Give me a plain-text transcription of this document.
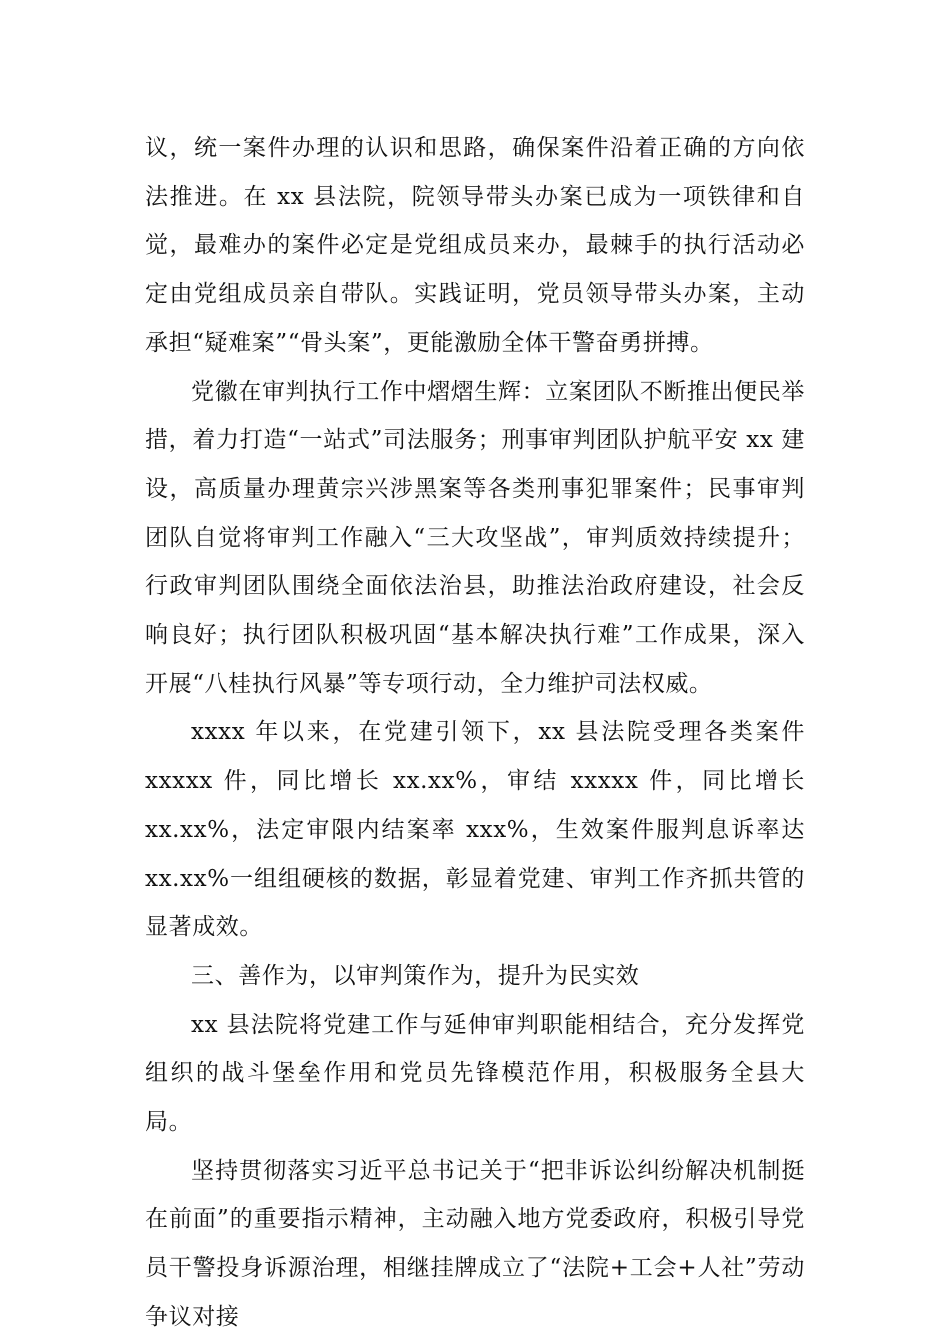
议，统一案件办理的认识和思路，确保案件沿着正确的方向依法推进。在 xx 县法院，院领导带头办案已成为一项铁律和自觉，最难办的案件必定是党组成员来办，最棘手的执行活动必定由党组成员亲自带队。实践证明，党员领导带头办案，主动承担“疑难案”“骨头案”，更能激励全体干警奋勇拼搏。

党徽在审判执行工作中熠熠生辉：立案团队不断推出便民举措，着力打造“一站式”司法服务；刑事审判团队护航平安 xx 建设，高质量办理黄宗兴涉黑案等各类刑事犯罪案件；民事审判团队自觉将审判工作融入“三大攻坚战”，审判质效持续提升；行政审判团队围绕全面依法治县，助推法治政府建设，社会反响良好；执行团队积极巩固“基本解决执行难”工作成果，深入开展“八桂执行风暴”等专项行动，全力维护司法权威。

xxxx 年以来，在党建引领下，xx 县法院受理各类案件 xxxxx 件，同比增长 xx.xx%，审结 xxxxx 件，同比增长 xx.xx%，法定审限内结案率 xxx%，生效案件服判息诉率达 xx.xx%一组组硬核的数据，彰显着党建、审判工作齐抓共管的显著成效。

三、善作为，以审判策作为，提升为民实效

xx 县法院将党建工作与延伸审判职能相结合，充分发挥党组织的战斗堡垒作用和党员先锋模范作用，积极服务全县大局。

坚持贯彻落实习近平总书记关于“把非诉讼纠纷解决机制挺在前面”的重要指示精神，主动融入地方党委政府，积极引导党员干警投身诉源治理，相继挂牌成立了“法院+工会+人社”劳动争议对接
